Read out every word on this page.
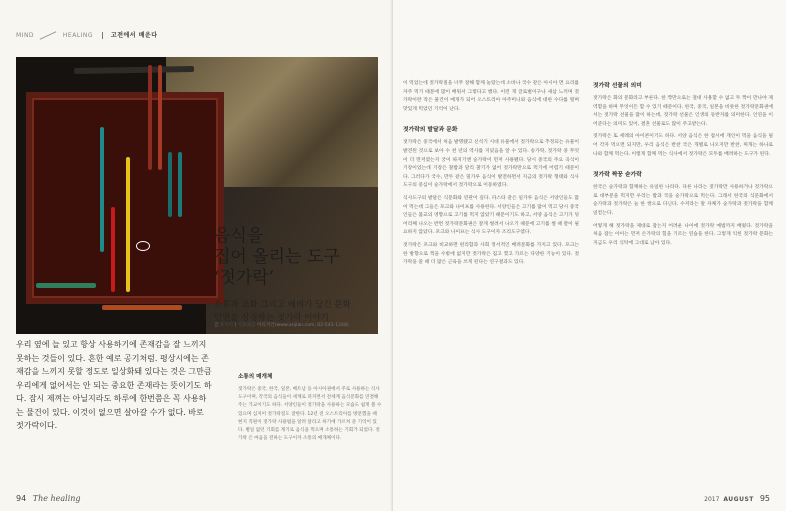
MIND	HEALING	고전에서 배운다
우리 옆에 늘 있고 항상 사용하기에 존재감을 잘 느끼지 못하는 것들이 있다. 흔한 예로 공기처럼. 평상시에는 존재감을 느끼지 못할 정도로 일상화돼 있다는 것은 그만큼 우리에게 없어서는 안 되는 중요한 존재라는 뜻이기도 하다. 잠시 제껴는 아닐지라도 하루에 한번쯤은 꼭 사용하는 물건이 있다. 이것이 없으면 살아갈 수가 없다. 바로 젓가락이다.
소통의 매개체
젓가락은 중국, 한국, 일본, 베트남 등 아시아권에서 주로 사용하는 식사도구이며, 각국의 음식들이 세계로 퍼지면서 전세계 음식문화를 연결해주는 가교이기도 하다. 서양인들이 젓가락을 사용하는 모습도 쉽게 볼 수 있으며 심지어 젓가락질도 잘한다. 12년 전 오스트리아를 방문했을 때 현지 직원이 젓가락 사용법을 알려 달라고 하기에 가르쳐 준 기억이 있다. 별일 없던 기회를 계기로 음식을 먹으며 소통하는 기회가 되었다. 젓가락 은 마음을 전하는 도구이자 소통의 매개체이다.
94 The healing
음식을
집어 올리는 도구
‘젓가락’
소통과 조화 그리고 배려가 담긴 문화
인연을 상징하는 젓가락 이야기
글 유지아 | 자료제공 아리지안(www.arijian.com, 02-543-1248)

이 먹었는데 젓가락질을 너무 잘해 함께 놀랐는데 소바나 국수 같은 아시아 면 요리를 자주 먹기 때문에 많이 배워서 그렇다고 했다. 이런 게 글로벌이구나 새삼 느끼며 젓가락이란 작은 물건이 매개가 되어 오스트리아 아주머니와 음식에 대한 수다를 떨며 맛있게 먹었던 기억이 난다.

젓가락의 발달과 문화

젓가락은 중국에서 처음 발명됐고 신석기 시대 유물에서 젓가락으로 추정되는 유물이 발견된 것으로 보아 수 천 년의 역사를 지녔음을 알 수 있다. 송가락, 젓가락 중 무엇이 더 먼저였는지 궁이 따지기엔 숟가락이 먼저 사용됐다. 당시 중국의 주요 곡식이 기장이었는데 기장은 찰밥과 달리 찰기가 없어 젓가락만으로 먹기에 어렵기 때문이다. 그러다가 국수, 만두 같은 밀가루 음식이 발전하면서 지금의 젓가락 형태와 식사도구의 중심이 숟가락에서 젓가락으로 이동하였다.

식사도구의 발달은 식문화와 연관이 깊다. 파스타 같은 일가루 음식은 서양인들도 많이 먹는데 그들은 포크와 나이프를 사용한다. 서양인들은 고기를 많이 먹고 당시 중국인들은 불교의 영향으로 고기를 먹지 않았기 때문이기도 하고, 서양 음식은 고기가 덩어리째 나오는 반면 젓가락문화권은 잘게 썰려서 나오기 때문에 고기를 썰 때 칼이 필요하지 않았다. 포크와 나이프는 식사 도구이자 조리도구였다.

젓가락은 포크와 비교하면 편리함과 사회 정서적인 배려문화를 가지고 있다. 포크는 한 방향으로 찍을 수밖에 없지만 젓가락은 집고 찢고 가르는 다양한 기능이 있다. 젓가락을 쓸 때 더 많은 근육을 쓰게 된다는 연구결과도 있다.

젓가락 선물의 의미

젓가락은 화의 문화라고 부른다. 한 짝만으로는 절대 사용할 수 없고 두 짝이 만나야 제 역할을 하며 무엇이든 할 수 있기 때문이다. 한국, 중국, 일본을 비롯한 젓가락문화권에서는 젓가락 선물을 많이 하는데, 젓가락 선물은 인생의 동반자를 의미한다. 인연을 이어준다는 의미도 있어, 결혼 선물로도 많이 주고받는다.

젓가락은 또 세례의 아이콘이기도 하다. 서양 음식은 한 접시에 개인이 먹을 음식을 덜어 각자 먹으면 되지만, 우리 음식은 반찬 국은 개별로 나오지만 반찬, 찌개는 하나로 나와 함께 먹는다. 이렇게 함께 먹는 식사에서 젓가락은 모두를 배려하는 도구가 된다.

젓가락 짝꿍 숟가락

한국은 숟가락과 함께하는 유일한 나라다. 다른 나라는 젓가락만 사용하거나 젓가락으로 대부분을 먹지만 우리는 밥과 국을 숟가락으로 먹는다. 그래서 한국의 식문화에서 숟가락과 젓가락은 늘 한 쌍으로 다닌다. 수저라는 말 자체가 숟가락과 젓가락을 함께 일컫는다.

어떻게 해 젓가락을 제대로 잡는지 어려운 나이에 젓가락 예법까지 배웠다. 젓가락을 처음 잡는 아이는 먼저 손가락의 힘을 기르는 연습을 한다. 그렇게 익힌 젓가락 문화는 지금도 우리 식탁에 그대로 남아 있다.

2017 AUGUST 95
